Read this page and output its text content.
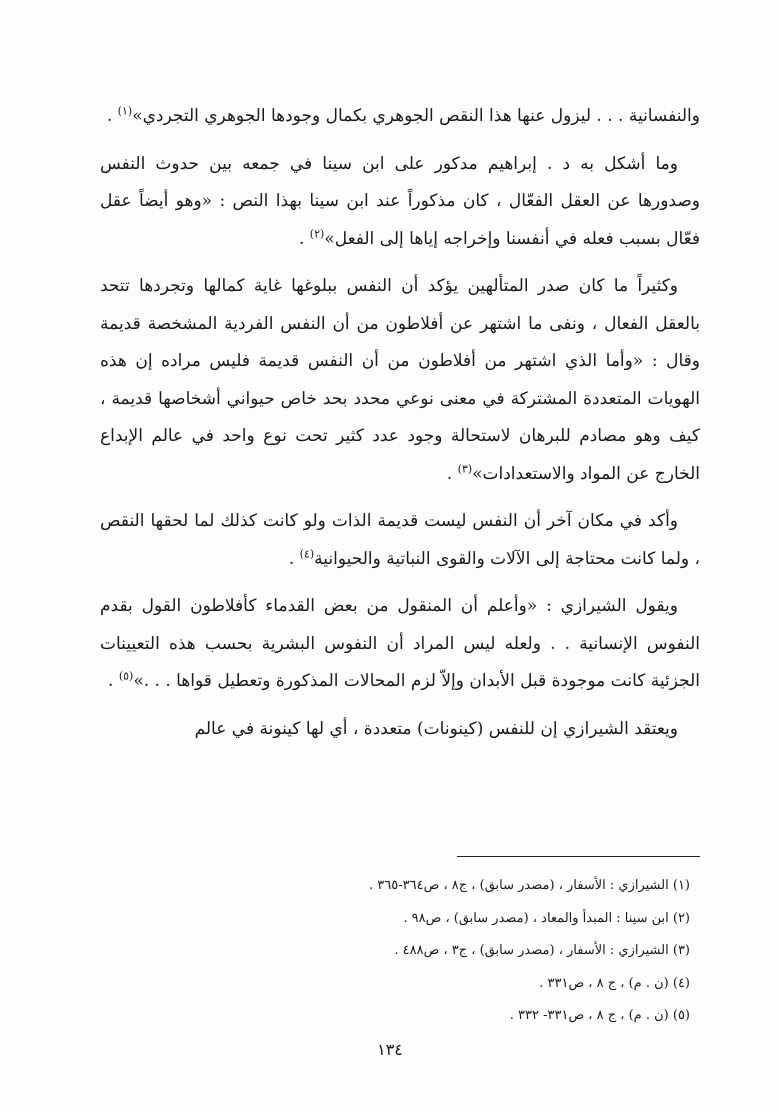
والنفسانية . . . ليزول عنها هذا النقص الجوهري بكمال وجودها الجوهري التجردي»$^{(١)}$ .

وما أشكل به د . إبراهيم مدكور على ابن سينا في جمعه بين حدوث النفس وصدورها عن العقل الفعّال ، كان مذكوراً عند ابن سينا بهذا النص : «وهو أيضاً عقل فعّال بسبب فعله في أنفسنا وإخراجه إياها إلى الفعل»$^{(٢)}$ .

وكثيراً ما كان صدر المتألهين يؤكد أن النفس ببلوغها غاية كمالها وتجردها تتحد بالعقل الفعال ، ونفى ما اشتهر عن أفلاطون من أن النفس الفردية المشخصة قديمة وقال : «وأما الذي اشتهر من أفلاطون من أن النفس قديمة فليس مراده إن هذه الهويات المتعددة المشتركة في معنى نوعي محدد بحد خاص حيواني أشخاصها قديمة ، كيف وهو مصادم للبرهان لاستحالة وجود عدد كثير تحت نوع واحد في عالم الإبداع الخارج عن المواد والاستعدادات»$^{(٣)}$ .

وأكد في مكان آخر أن النفس ليست قديمة الذات ولو كانت كذلك لما لحقها النقص ، ولما كانت محتاجة إلى الآلات والقوى النباتية والحيوانية$^{(٤)}$ .

ويقول الشيرازي : «وأعلم أن المنقول من بعض القدماء كأفلاطون القول بقدم النفوس الإنسانية . . ولعله ليس المراد أن النفوس البشرية بحسب هذه التعيينات الجزئية كانت موجودة قبل الأبدان وإلاّ لزم المحالات المذكورة وتعطيل قواها . . .»$^{(٥)}$ .

ويعتقد الشيرازي إن للنفس (كينونات) متعددة ، أي لها كينونة في عالم

(١) الشيرازي : الأسفار ، (مصدر سابق) ، ج٨ ، ص٣٦٤-٣٦٥ .
(٢) ابن سينا : المبدأ والمعاد ، (مصدر سابق) ، ص٩٨ .
(٣) الشيرازي : الأسفار ، (مصدر سابق) ، ج٣ ، ص٤٨٨ .
(٤) (ن . م) ، ج ٨ ، ص٣٣١ .
(٥) (ن . م) ، ج ٨ ، ص٣٣١- ٣٣٢ .
١٣٤
